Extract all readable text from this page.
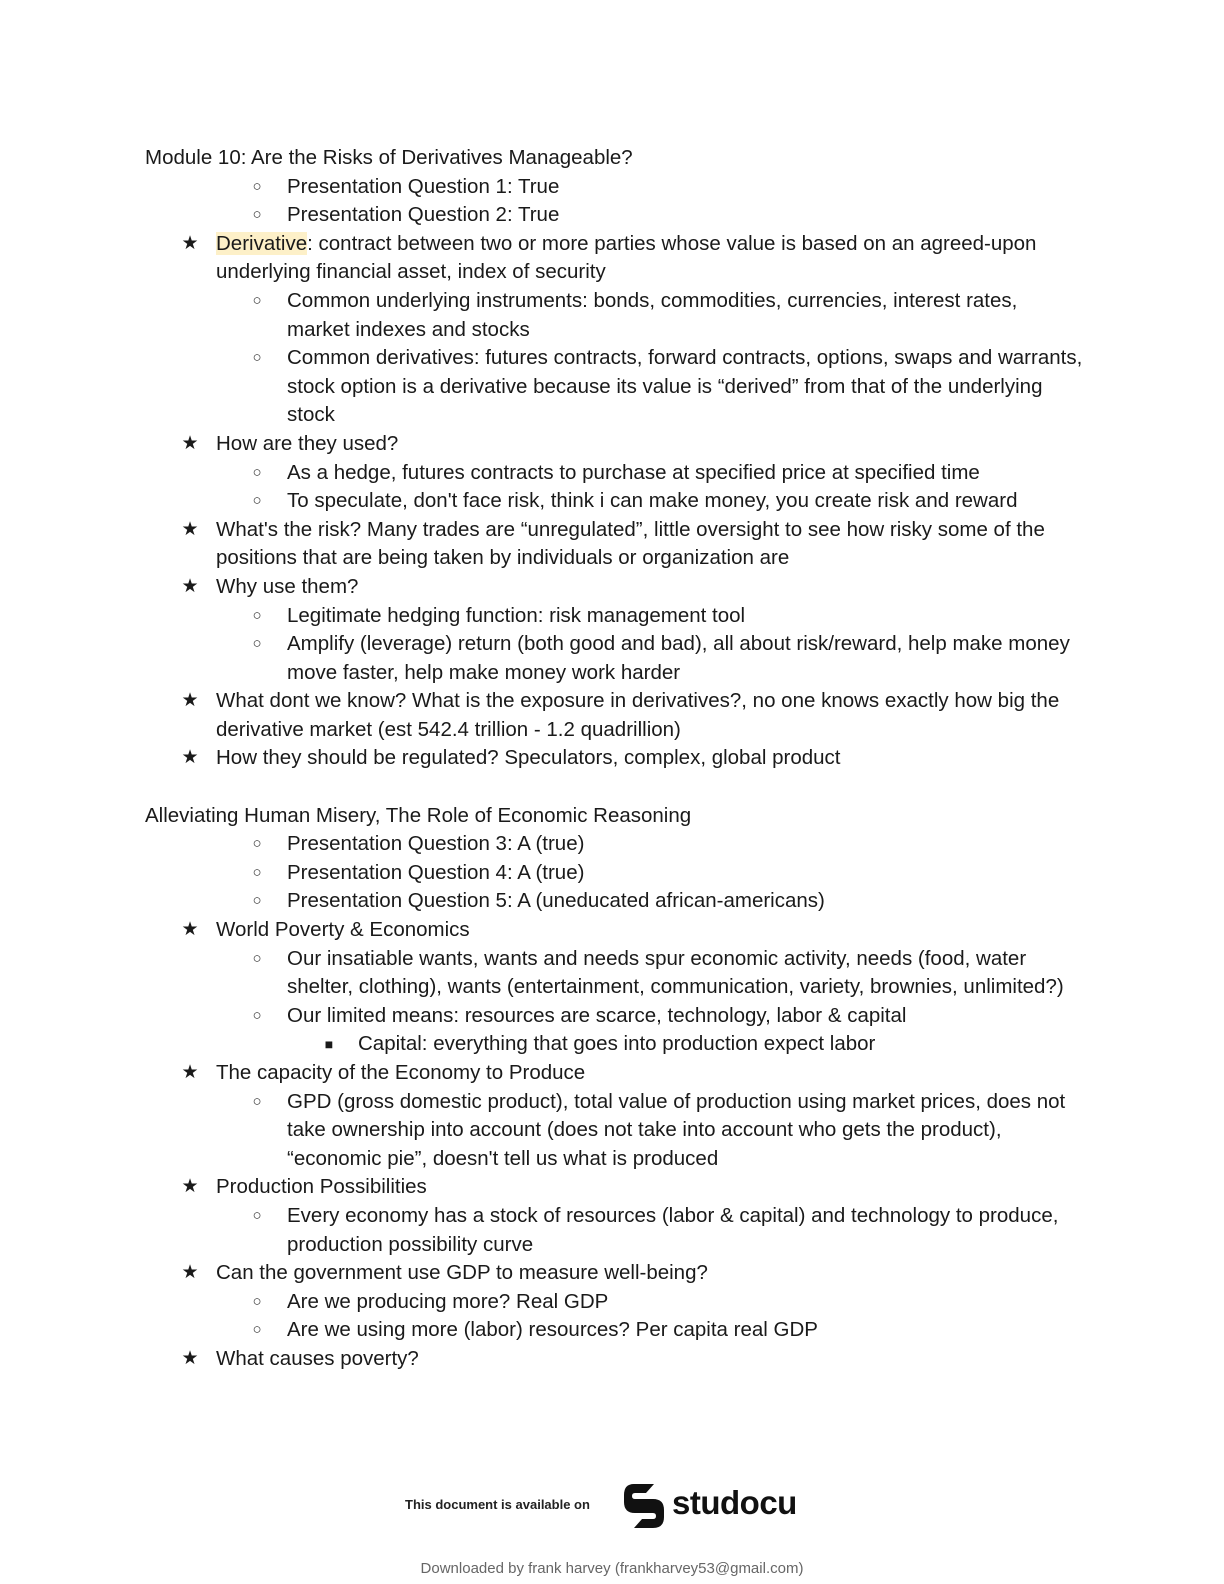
Module 10: Are the Risks of Derivatives Manageable?
○	Presentation Question 1: True
○	Presentation Question 2: True
★ Derivative: contract between two or more parties whose value is based on an agreed-upon underlying financial asset, index of security
○	Common underlying instruments: bonds, commodities, currencies, interest rates, market indexes and stocks
○	Common derivatives: futures contracts, forward contracts, options, swaps and warrants, stock option is a derivative because its value is “derived” from that of the underlying stock
★ How are they used?
○	As a hedge, futures contracts to purchase at specified price at specified time
○	To speculate, don't face risk, think i can make money, you create risk and reward
★ What's the risk? Many trades are “unregulated”, little oversight to see how risky some of the positions that are being taken by individuals or organization are
★ Why use them?
○	Legitimate hedging function: risk management tool
○	Amplify (leverage) return (both good and bad), all about risk/reward, help make money move faster, help make money work harder
★ What dont we know? What is the exposure in derivatives?, no one knows exactly how big the derivative market (est 542.4 trillion - 1.2 quadrillion)
★ How they should be regulated? Speculators, complex, global product
Alleviating Human Misery, The Role of Economic Reasoning
○	Presentation Question 3: A (true)
○	Presentation Question 4: A (true)
○	Presentation Question 5: A (uneducated african-americans)
★ World Poverty & Economics
○	Our insatiable wants, wants and needs spur economic activity, needs (food, water shelter, clothing), wants (entertainment, communication, variety, brownies, unlimited?)
○	Our limited means: resources are scarce, technology, labor & capital
■	Capital: everything that goes into production expect labor
★ The capacity of the Economy to Produce
○	GPD (gross domestic product), total value of production using market prices, does not take ownership into account (does not take into account who gets the product), “economic pie”, doesn't tell us what is produced
★ Production Possibilities
○	Every economy has a stock of resources (labor & capital) and technology to produce, production possibility curve
★ Can the government use GDP to measure well-being?
○	Are we producing more? Real GDP
○	Are we using more (labor) resources? Per capita real GDP
★ What causes poverty?
This document is available on studocu
Downloaded by frank harvey (frankharvey53@gmail.com)
